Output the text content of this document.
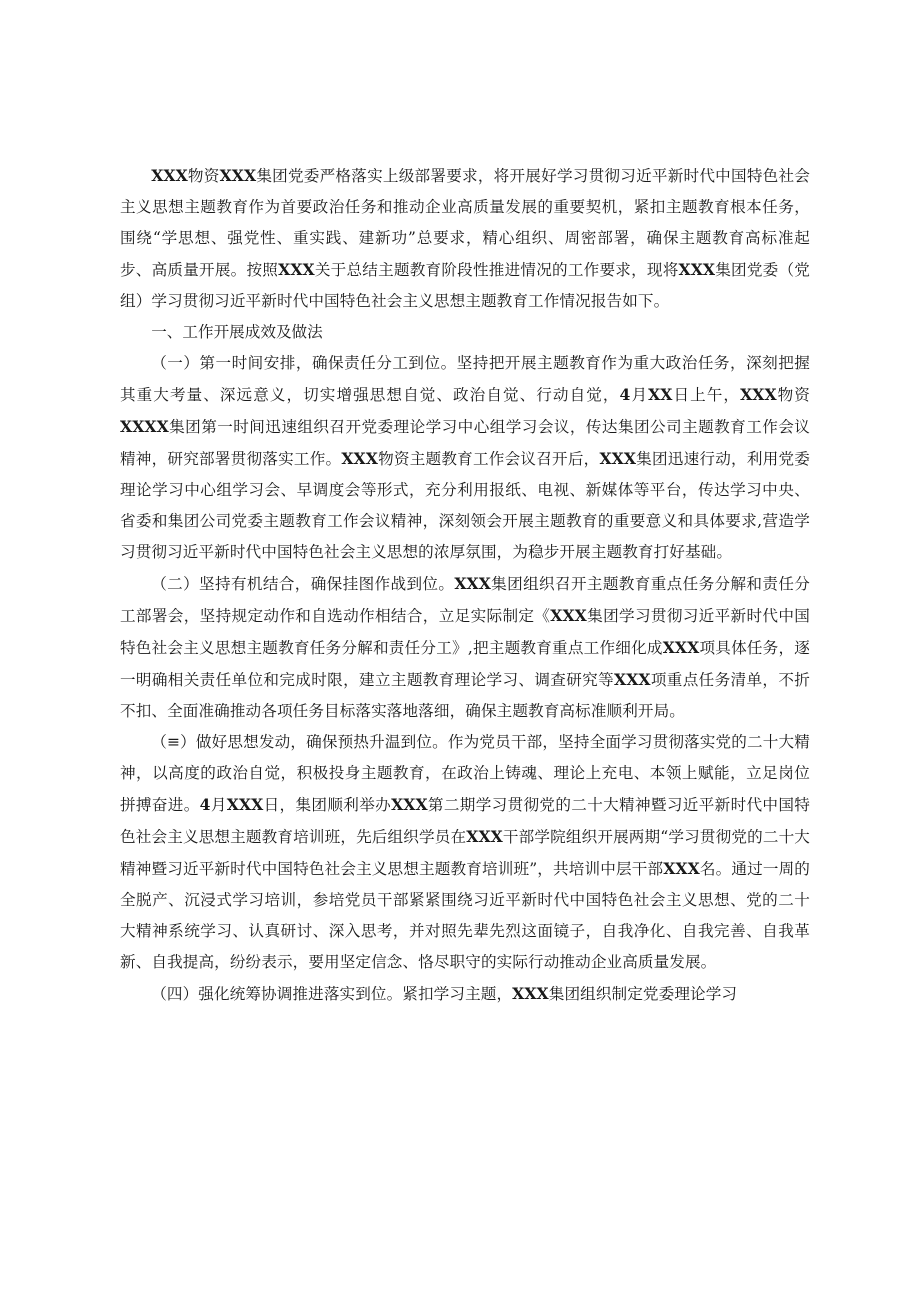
XXX物资XXX集团党委严格落实上级部署要求，将开展好学习贯彻习近平新时代中国特色社会主义思想主题教育作为首要政治任务和推动企业高质量发展的重要契机，紧扣主题教育根本任务，围绕“学思想、强党性、重实践、建新功”总要求，精心组织、周密部署，确保主题教育高标准起步、高质量开展。按照XXX关于总结主题教育阶段性推进情况的工作要求，现将XXX集团党委（党组）学习贯彻习近平新时代中国特色社会主义思想主题教育工作情况报告如下。

一、工作开展成效及做法

（一）第一时间安排，确保责任分工到位。坚持把开展主题教育作为重大政治任务，深刻把握其重大考量、深远意义，切实增强思想自觉、政治自觉、行动自觉，4月XX日上午，XXX物资XXXX集团第一时间迅速组织召开党委理论学习中心组学习会议，传达集团公司主题教育工作会议精神，研究部署贯彻落实工作。XXX物资主题教育工作会议召开后，XXX集团迅速行动，利用党委理论学习中心组学习会、早调度会等形式，充分利用报纸、电视、新媒体等平台，传达学习中央、省委和集团公司党委主题教育工作会议精神，深刻领会开展主题教育的重要意义和具体要求,营造学习贯彻习近平新时代中国特色社会主义思想的浓厚氛围，为稳步开展主题教育打好基础。

（二）坚持有机结合，确保挂图作战到位。XXX集团组织召开主题教育重点任务分解和责任分工部署会，坚持规定动作和自选动作相结合，立足实际制定《XXX集团学习贯彻习近平新时代中国特色社会主义思想主题教育任务分解和责任分工》,把主题教育重点工作细化成XXX项具体任务，逐一明确相关责任单位和完成时限，建立主题教育理论学习、调查研究等XXX项重点任务清单，不折不扣、全面准确推动各项任务目标落实落地落细，确保主题教育高标准顺利开局。

（≡）做好思想发动，确保预热升温到位。作为党员干部，坚持全面学习贯彻落实党的二十大精神，以高度的政治自觉，积极投身主题教育，在政治上铸魂、理论上充电、本领上赋能，立足岗位拼搏奋进。4月XXX日，集团顺利举办XXX第二期学习贯彻党的二十大精神暨习近平新时代中国特色社会主义思想主题教育培训班，先后组织学员在XXX干部学院组织开展两期“学习贯彻党的二十大精神暨习近平新时代中国特色社会主义思想主题教育培训班”，共培训中层干部XXX名。通过一周的全脱产、沉浸式学习培训，参培党员干部紧紧围绕习近平新时代中国特色社会主义思想、党的二十大精神系统学习、认真研讨、深入思考，并对照先辈先烈这面镜子，自我净化、自我完善、自我革新、自我提高，纷纷表示，要用坚定信念、恪尽职守的实际行动推动企业高质量发展。

（四）强化统筹协调推进落实到位。紧扣学习主题，XXX集团组织制定党委理论学习
